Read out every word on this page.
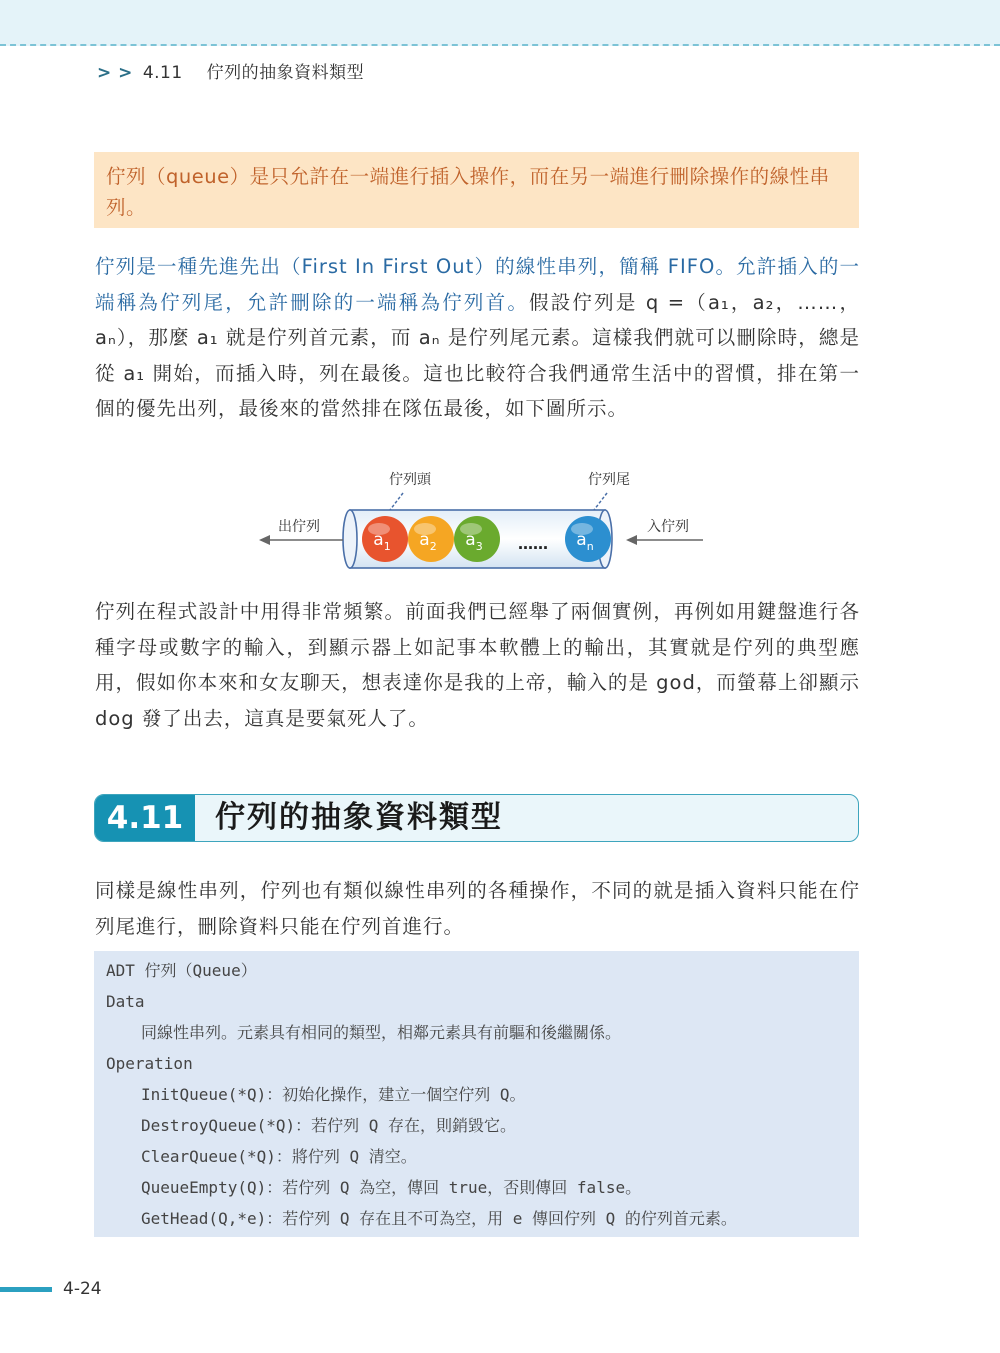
> > 4.11 佇列的抽象資料類型
佇列（queue）是只允許在一端進行插入操作，而在另一端進行刪除操作的線性串列。
佇列是一種先進先出（First In First Out）的線性串列，簡稱 FIFO。允許插入的一端稱為佇列尾，允許刪除的一端稱為佇列首。假設佇列是 q =（a₁，a₂，……，aₙ），那麼 a₁ 就是佇列首元素，而 aₙ 是佇列尾元素。這樣我們就可以刪除時，總是從 a₁ 開始，而插入時，列在最後。這也比較符合我們通常生活中的習慣，排在第一個的優先出列，最後來的當然排在隊伍最後，如下圖所示。
$a_1$ $a_2$ $a_3$	$a_n$
……
佇列頭	佇列尾
出佇列	入佇列
佇列在程式設計中用得非常頻繁。前面我們已經舉了兩個實例，再例如用鍵盤進行各種字母或數字的輸入，到顯示器上如記事本軟體上的輸出，其實就是佇列的典型應用，假如你本來和女友聊天，想表達你是我的上帝，輸入的是 god，而螢幕上卻顯示 dog 發了出去，這真是要氣死人了。
4.11	佇列的抽象資料類型
同樣是線性串列，佇列也有類似線性串列的各種操作，不同的就是插入資料只能在佇列尾進行，刪除資料只能在佇列首進行。
ADT 佇列（Queue）
Data
同線性串列。元素具有相同的類型，相鄰元素具有前驅和後繼關係。
Operation
InitQueue(*Q)：初始化操作，建立一個空佇列 Q。
DestroyQueue(*Q)：若佇列 Q 存在，則銷毀它。
ClearQueue(*Q)：將佇列 Q 清空。
QueueEmpty(Q)：若佇列 Q 為空，傳回 true，否則傳回 false。
GetHead(Q,*e)：若佇列 Q 存在且不可為空，用 e 傳回佇列 Q 的佇列首元素。
4-24
